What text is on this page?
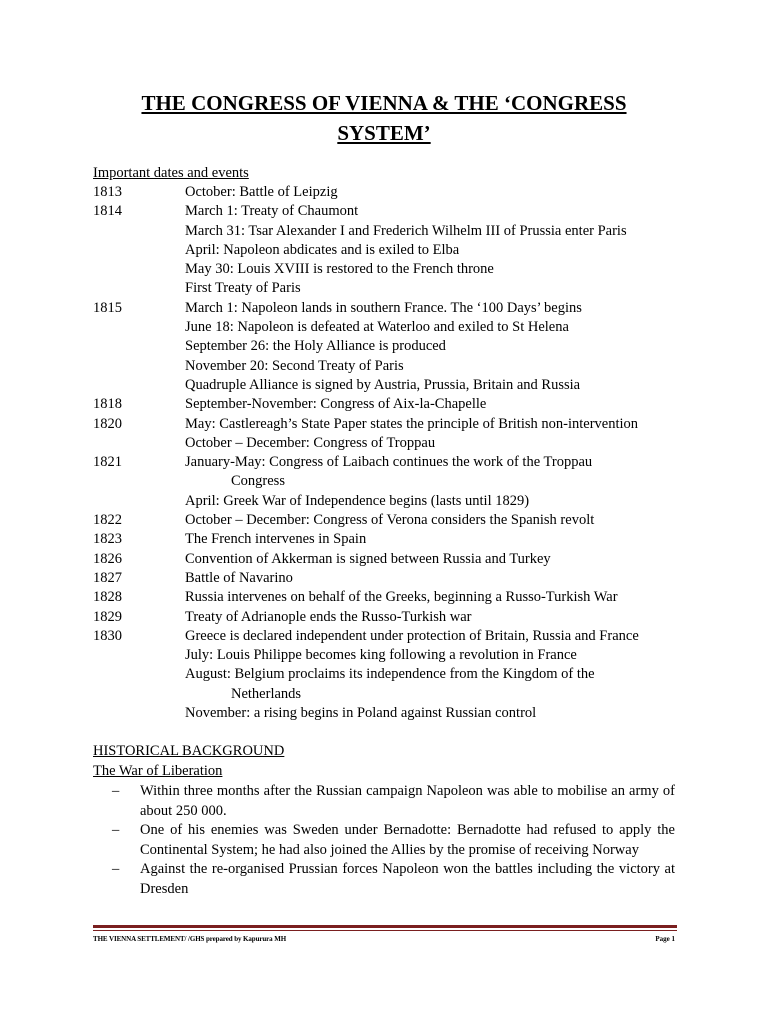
THE CONGRESS OF VIENNA & THE ‘CONGRESS SYSTEM’
Important dates and events
1813	October: Battle of Leipzig
1814	March 1: Treaty of Chaumont
March 31: Tsar Alexander I and Frederich Wilhelm III of Prussia enter Paris
April: Napoleon abdicates and is exiled to Elba
May 30: Louis XVIII is restored to the French throne
First Treaty of Paris
1815	March 1: Napoleon lands in southern France. The ‘100 Days’ begins
June 18: Napoleon is defeated at Waterloo and exiled to St Helena
September 26: the Holy Alliance is produced
November 20: Second Treaty of Paris
Quadruple Alliance is signed by Austria, Prussia, Britain and Russia
1818	September-November: Congress of Aix-la-Chapelle
1820	May: Castlereagh’s State Paper states the principle of British non-intervention
October – December: Congress of Troppau
1821	January-May: Congress of Laibach continues the work of the Troppau
Congress
April: Greek War of Independence begins (lasts until 1829)
1822	October – December: Congress of Verona considers the Spanish revolt
1823	The French intervenes in Spain
1826	Convention of Akkerman is signed between Russia and Turkey
1827	Battle of Navarino
1828	Russia intervenes on behalf of the Greeks, beginning a Russo-Turkish War
1829	Treaty of Adrianople ends the Russo-Turkish war
1830	Greece is declared independent under protection of Britain, Russia and France
July: Louis Philippe becomes king following a revolution in France
August: Belgium proclaims its independence from the Kingdom of the
Netherlands
November: a rising begins in Poland against Russian control
HISTORICAL BACKGROUND
The War of Liberation
–	Within three months after the Russian campaign Napoleon was able to mobilise an army of about 250 000.
–	One of his enemies was Sweden under Bernadotte: Bernadotte had refused to apply the Continental System; he had also joined the Allies by the promise of receiving Norway
–	Against the re-organised Prussian forces Napoleon won the battles including the victory at Dresden
THE VIENNA SETTLEMENT/ /GHS prepared by Kapurura MH	Page 1
